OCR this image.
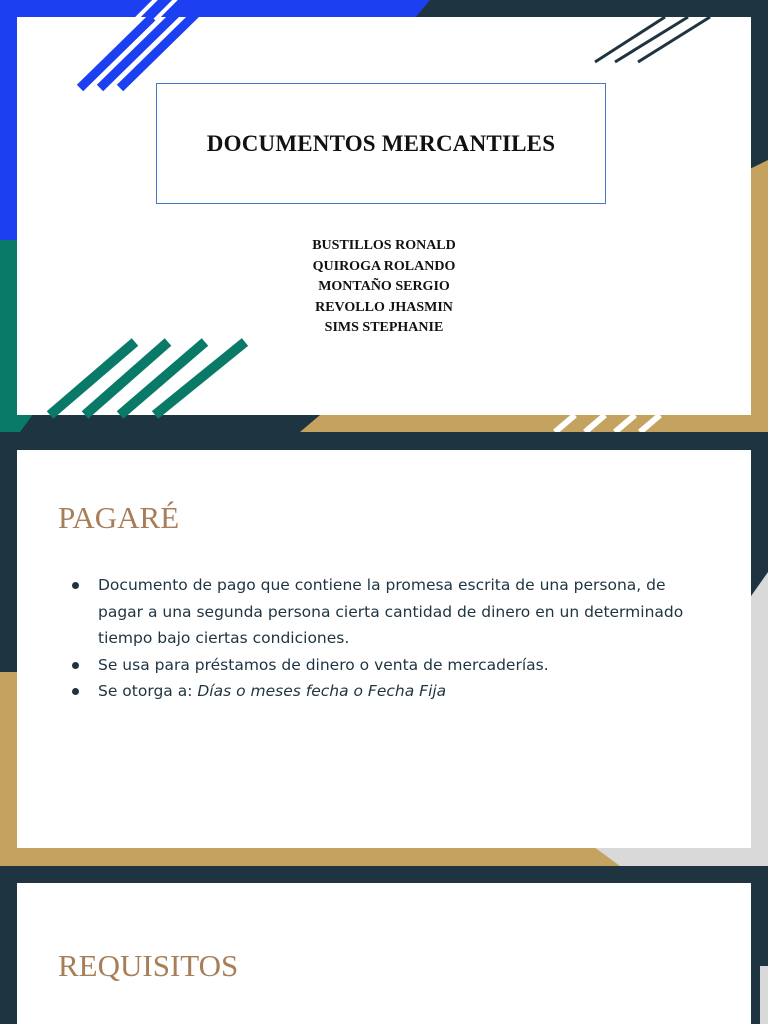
DOCUMENTOS MERCANTILES
BUSTILLOS RONALD
QUIROGA ROLANDO
MONTAÑO SERGIO
REVOLLO JHASMIN
SIMS STEPHANIE
PAGARÉ
Documento de pago que contiene la promesa escrita de una persona, de pagar a una segunda persona cierta cantidad de dinero en un determinado tiempo bajo ciertas condiciones.
Se usa para préstamos de dinero o venta de mercaderías.
Se otorga a: Días o meses fecha o Fecha Fija
REQUISITOS
